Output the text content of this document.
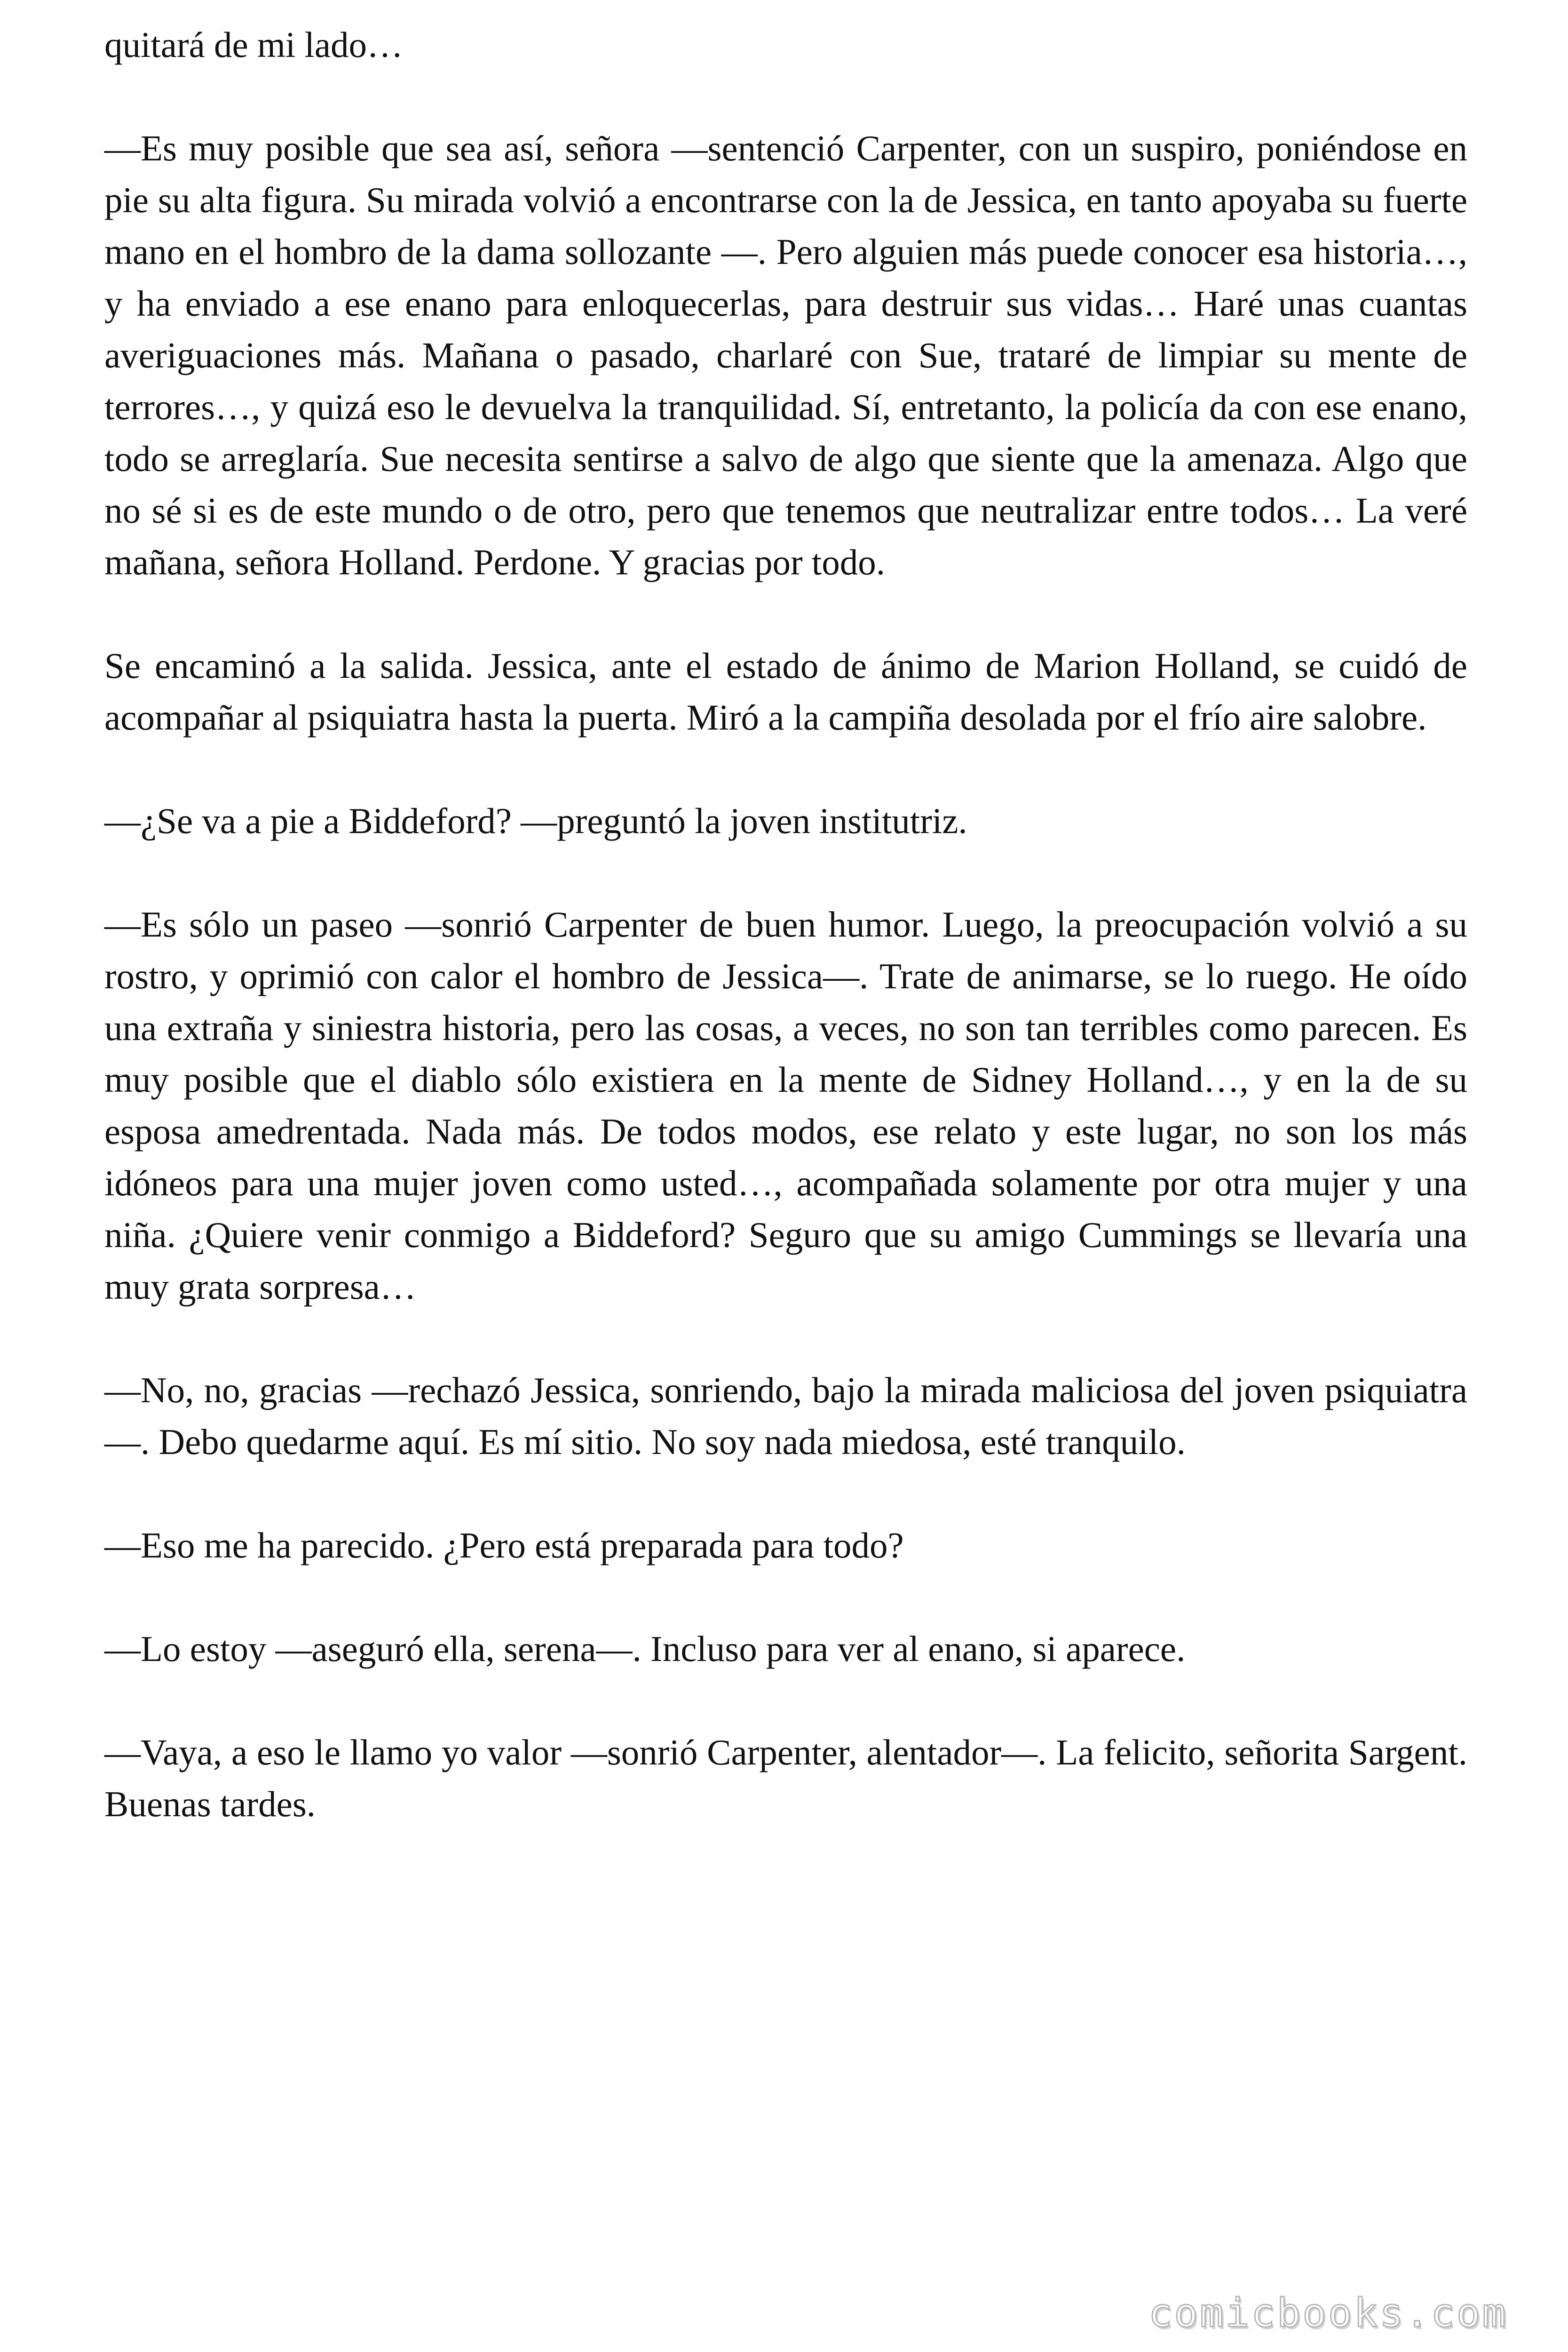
quitará de mi lado…

—Es muy posible que sea así, señora —sentenció Carpenter, con un suspiro, poniéndose en pie su alta figura. Su mirada volvió a encontrarse con la de Jessica, en tanto apoyaba su fuerte mano en el hombro de la dama sollozante —. Pero alguien más puede conocer esa historia…, y ha enviado a ese enano para enloquecerlas, para destruir sus vidas… Haré unas cuantas averiguaciones más. Mañana o pasado, charlaré con Sue, trataré de limpiar su mente de terrores…, y quizá eso le devuelva la tranquilidad. Sí, entretanto, la policía da con ese enano, todo se arreglaría. Sue necesita sentirse a salvo de algo que siente que la amenaza. Algo que no sé si es de este mundo o de otro, pero que tenemos que neutralizar entre todos… La veré mañana, señora Holland. Perdone. Y gracias por todo.

Se encaminó a la salida. Jessica, ante el estado de ánimo de Marion Holland, se cuidó de acompañar al psiquiatra hasta la puerta. Miró a la campiña desolada por el frío aire salobre.

—¿Se va a pie a Biddeford? —preguntó la joven institutriz.

—Es sólo un paseo —sonrió Carpenter de buen humor. Luego, la preocupación volvió a su rostro, y oprimió con calor el hombro de Jessica—. Trate de animarse, se lo ruego. He oído una extraña y siniestra historia, pero las cosas, a veces, no son tan terribles como parecen. Es muy posible que el diablo sólo existiera en la mente de Sidney Holland…, y en la de su esposa amedrentada. Nada más. De todos modos, ese relato y este lugar, no son los más idóneos para una mujer joven como usted…, acompañada solamente por otra mujer y una niña. ¿Quiere venir conmigo a Biddeford? Seguro que su amigo Cummings se llevaría una muy grata sorpresa…

—No, no, gracias —rechazó Jessica, sonriendo, bajo la mirada maliciosa del joven psiquiatra—. Debo quedarme aquí. Es mí sitio. No soy nada miedosa, esté tranquilo.

—Eso me ha parecido. ¿Pero está preparada para todo?

—Lo estoy —aseguró ella, serena—. Incluso para ver al enano, si aparece.

—Vaya, a eso le llamo yo valor —sonrió Carpenter, alentador—. La felicito, señorita Sargent. Buenas tardes.

comicbooks.com
